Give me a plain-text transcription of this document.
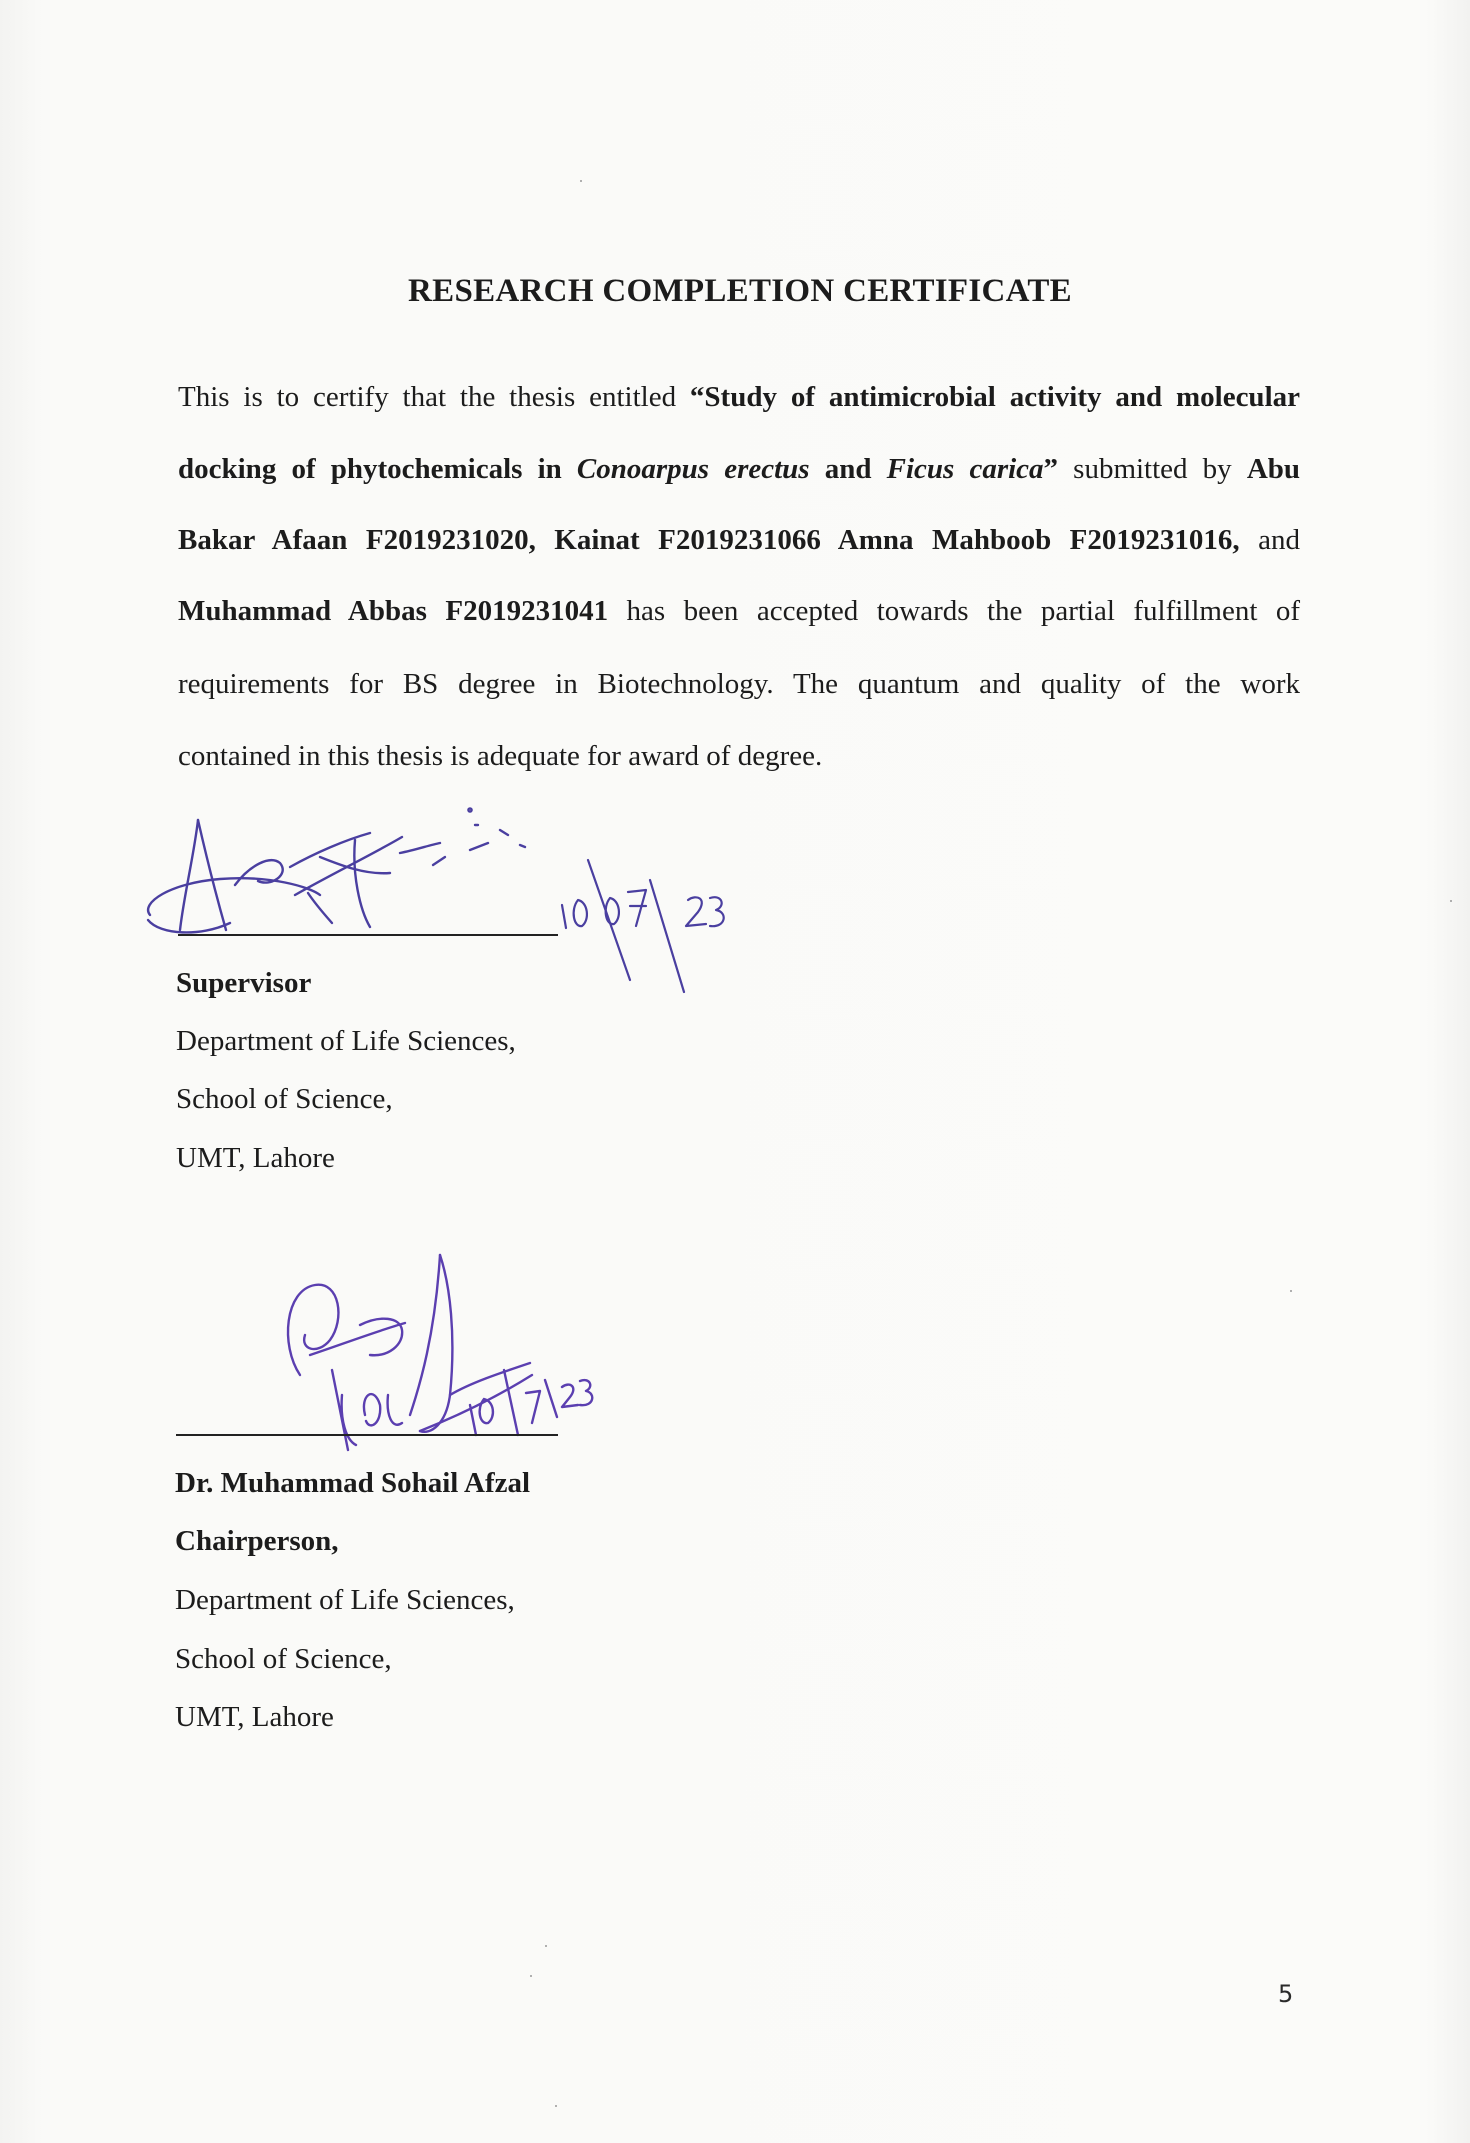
RESEARCH COMPLETION CERTIFICATE
This is to certify that the thesis entitled “Study of antimicrobial activity and molecular
docking of phytochemicals in Conoarpus erectus and Ficus carica” submitted by Abu
Bakar Afaan F2019231020, Kainat F2019231066 Amna Mahboob F2019231016, and
Muhammad Abbas F2019231041 has been accepted towards the partial fulfillment of
requirements for BS degree in Biotechnology. The quantum and quality of the work
contained in this thesis is adequate for award of degree.
Supervisor
Department of Life Sciences,
School of Science,
UMT, Lahore
Dr. Muhammad Sohail Afzal
Chairperson,
Department of Life Sciences,
School of Science,
UMT, Lahore
5
